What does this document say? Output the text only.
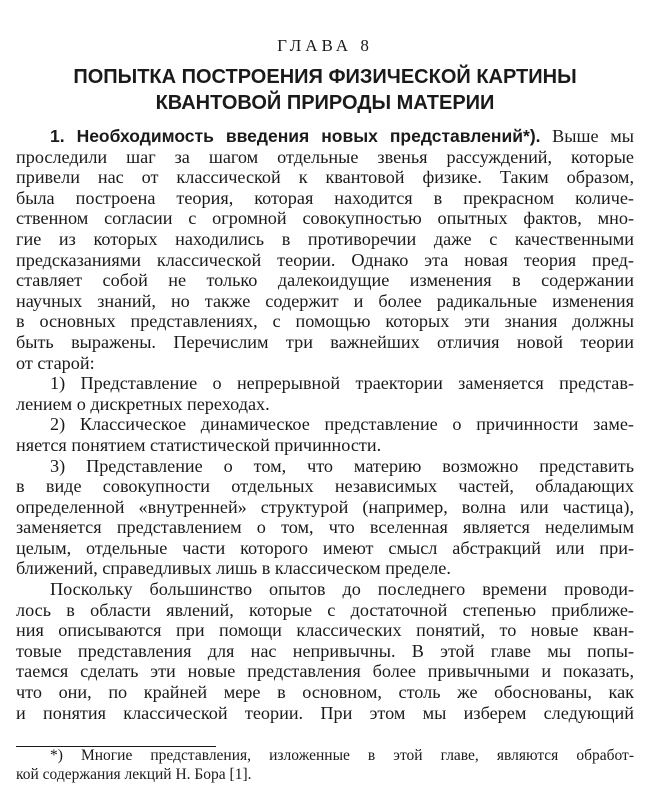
ГЛАВА 8
ПОПЫТКА ПОСТРОЕНИЯ ФИЗИЧЕСКОЙ КАРТИНЫ
КВАНТОВОЙ ПРИРОДЫ МАТЕРИИ
1. Необходимость введения новых представлений*). Выше мы
проследили шаг за шагом отдельные звенья рассуждений, которые
привели нас от классической к квантовой физике. Таким образом,
была построена теория, которая находится в прекрасном количе-
ственном согласии с огромной совокупностью опытных фактов, мно-
гие из которых находились в противоречии даже с качественными
предсказаниями классической теории. Однако эта новая теория пред-
ставляет собой не только далекоидущие изменения в содержании
научных знаний, но также содержит и более радикальные изменения
в основных представлениях, с помощью которых эти знания должны
быть выражены. Перечислим три важнейших отличия новой теории
от старой:
1) Представление о непрерывной траектории заменяется представ-
лением о дискретных переходах.
2) Классическое динамическое представление о причинности заме-
няется понятием статистической причинности.
3) Представление о том, что материю возможно представить
в виде совокупности отдельных независимых частей, обладающих
определенной «внутренней» структурой (например, волна или частица),
заменяется представлением о том, что вселенная является неделимым
целым, отдельные части которого имеют смысл абстракций или при-
ближений, справедливых лишь в классическом пределе.
Поскольку большинство опытов до последнего времени проводи-
лось в области явлений, которые с достаточной степенью приближе-
ния описываются при помощи классических понятий, то новые кван-
товые представления для нас непривычны. В этой главе мы попы-
таемся сделать эти новые представления более привычными и показать,
что они, по крайней мере в основном, столь же обоснованы, как
и понятия классической теории. При этом мы изберем следующий
*) Многие представления, изложенные в этой главе, являются обработ-
кой содержания лекций Н. Бора [1].
